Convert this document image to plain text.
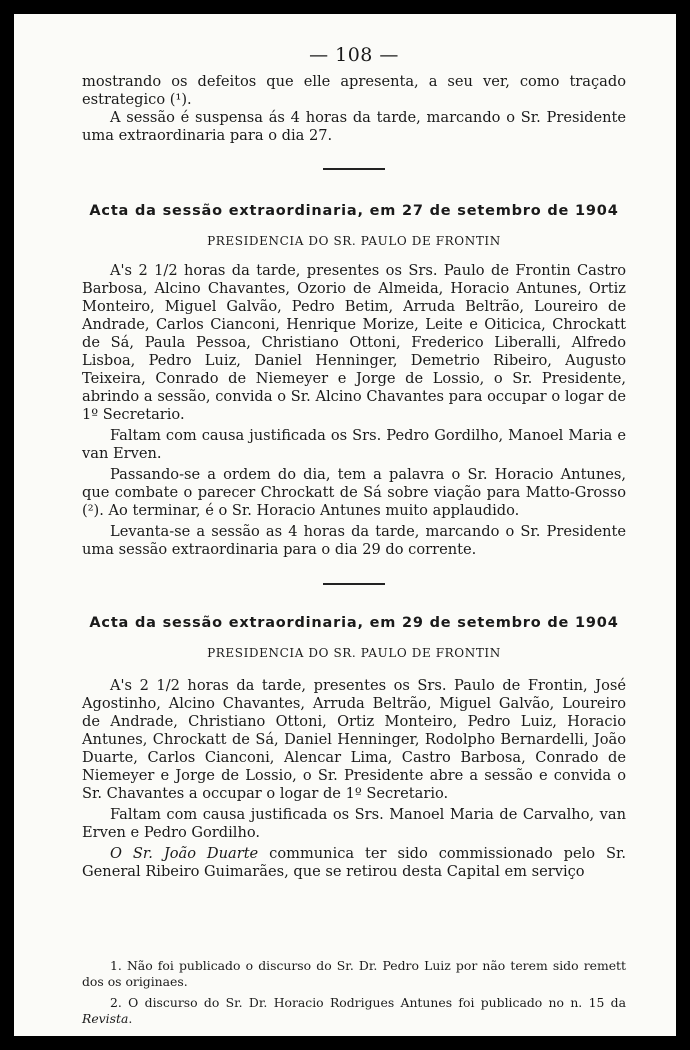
— 108 —

mostrando os defeitos que elle apresenta, a seu ver, como traçado estrategico (¹).

A sessão é suspensa ás 4 horas da tarde, marcando o Sr. Presidente uma extraordinaria para o dia 27.

Acta da sessão extraordinaria, em 27 de setembro de 1904
PRESIDENCIA DO SR. PAULO DE FRONTIN

A's 2 1/2 horas da tarde, presentes os Srs. Paulo de Frontin Castro Barbosa, Alcino Chavantes, Ozorio de Almeida, Horacio Antunes, Ortiz Monteiro, Miguel Galvão, Pedro Betim, Arruda Beltrão, Loureiro de Andrade, Carlos Cianconi, Henrique Morize, Leite e Oiticica, Chrockatt de Sá, Paula Pessoa, Christiano Ottoni, Frederico Liberalli, Alfredo Lisboa, Pedro Luiz, Daniel Henninger, Demetrio Ribeiro, Augusto Teixeira, Conrado de Niemeyer e Jorge de Lossio, o Sr. Presidente, abrindo a sessão, convida o Sr. Alcino Chavantes para occupar o logar de 1º Secretario.

Faltam com causa justificada os Srs. Pedro Gordilho, Manoel Maria e van Erven.

Passando-se a ordem do dia, tem a palavra o Sr. Horacio Antunes, que combate o parecer Chrockatt de Sá sobre viação para Matto-Grosso (²). Ao terminar, é o Sr. Horacio Antunes muito applaudido.

Levanta-se a sessão as 4 horas da tarde, marcando o Sr. Presidente uma sessão extraordinaria para o dia 29 do corrente.

Acta da sessão extraordinaria, em 29 de setembro de 1904
PRESIDENCIA DO SR. PAULO DE FRONTIN

A's 2 1/2 horas da tarde, presentes os Srs. Paulo de Frontin, José Agostinho, Alcino Chavantes, Arruda Beltrão, Miguel Galvão, Loureiro de Andrade, Christiano Ottoni, Ortiz Monteiro, Pedro Luiz, Horacio Antunes, Chrockatt de Sá, Daniel Henninger, Rodolpho Bernardelli, João Duarte, Carlos Cianconi, Alencar Lima, Castro Barbosa, Conrado de Niemeyer e Jorge de Lossio, o Sr. Presidente abre a sessão e convida o Sr. Chavantes a occupar o logar de 1º Secretario.

Faltam com causa justificada os Srs. Manoel Maria de Carvalho, van Erven e Pedro Gordilho.

O Sr. João Duarte communica ter sido commissionado pelo Sr. General Ribeiro Guimarães, que se retirou desta Capital em serviço

1. Não foi publicado o discurso do Sr. Dr. Pedro Luiz por não terem sido remett dos os originaes.

2. O discurso do Sr. Dr. Horacio Rodrigues Antunes foi publicado no n. 15 da Revista.
